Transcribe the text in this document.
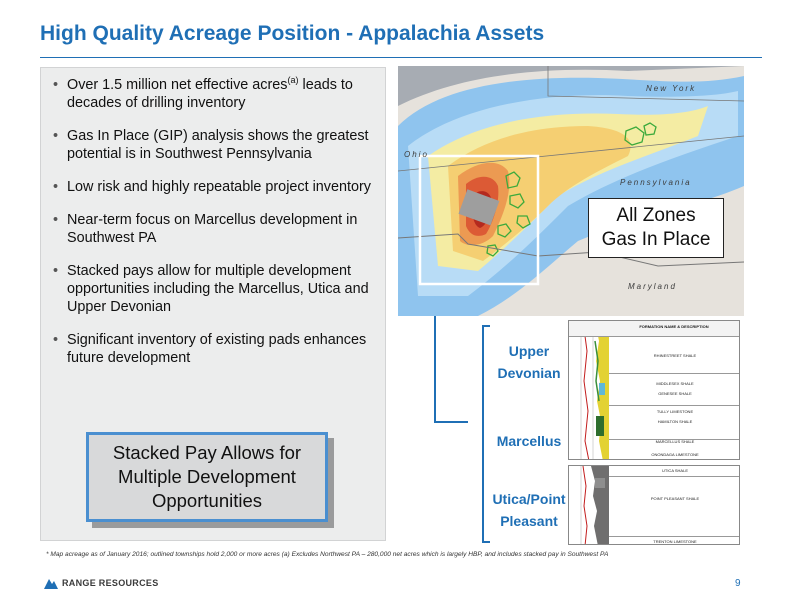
High Quality Acreage Position - Appalachia Assets
• Over 1.5 million net effective acres$^{(a)}$ leads to decades of drilling inventory
• Gas In Place (GIP) analysis shows the greatest potential is in Southwest Pennsylvania
• Low risk and highly repeatable project inventory
• Near-term focus on Marcellus development in Southwest PA
• Stacked pays allow for multiple development opportunities including the Marcellus, Utica and Upper Devonian
• Significant inventory of existing pads enhances future development
Stacked Pay Allows for
Multiple Development
Opportunities
New York
Pennsylvania
Ohio
Maryland
All Zones
Gas In Place
Upper
Devonian
Marcellus
Utica/Point
Pleasant
FORMATION NAME & DESCRIPTION
RHINESTREET SHALE
MIDDLESEX SHALE
GENESEE SHALE
TULLY LIMESTONE
HAMILTON SHALE
MARCELLUS SHALE
ONONDAGA LIMESTONE
UTICA SHALE
POINT PLEASANT SHALE
TRENTON LIMESTONE
* Map acreage as of January 2016; outlined townships hold 2,000 or more acres (a) Excludes Northwest PA – 280,000 net acres which is largely HBP, and includes stacked pay in Southwest PA
RANGE RESOURCES	9
